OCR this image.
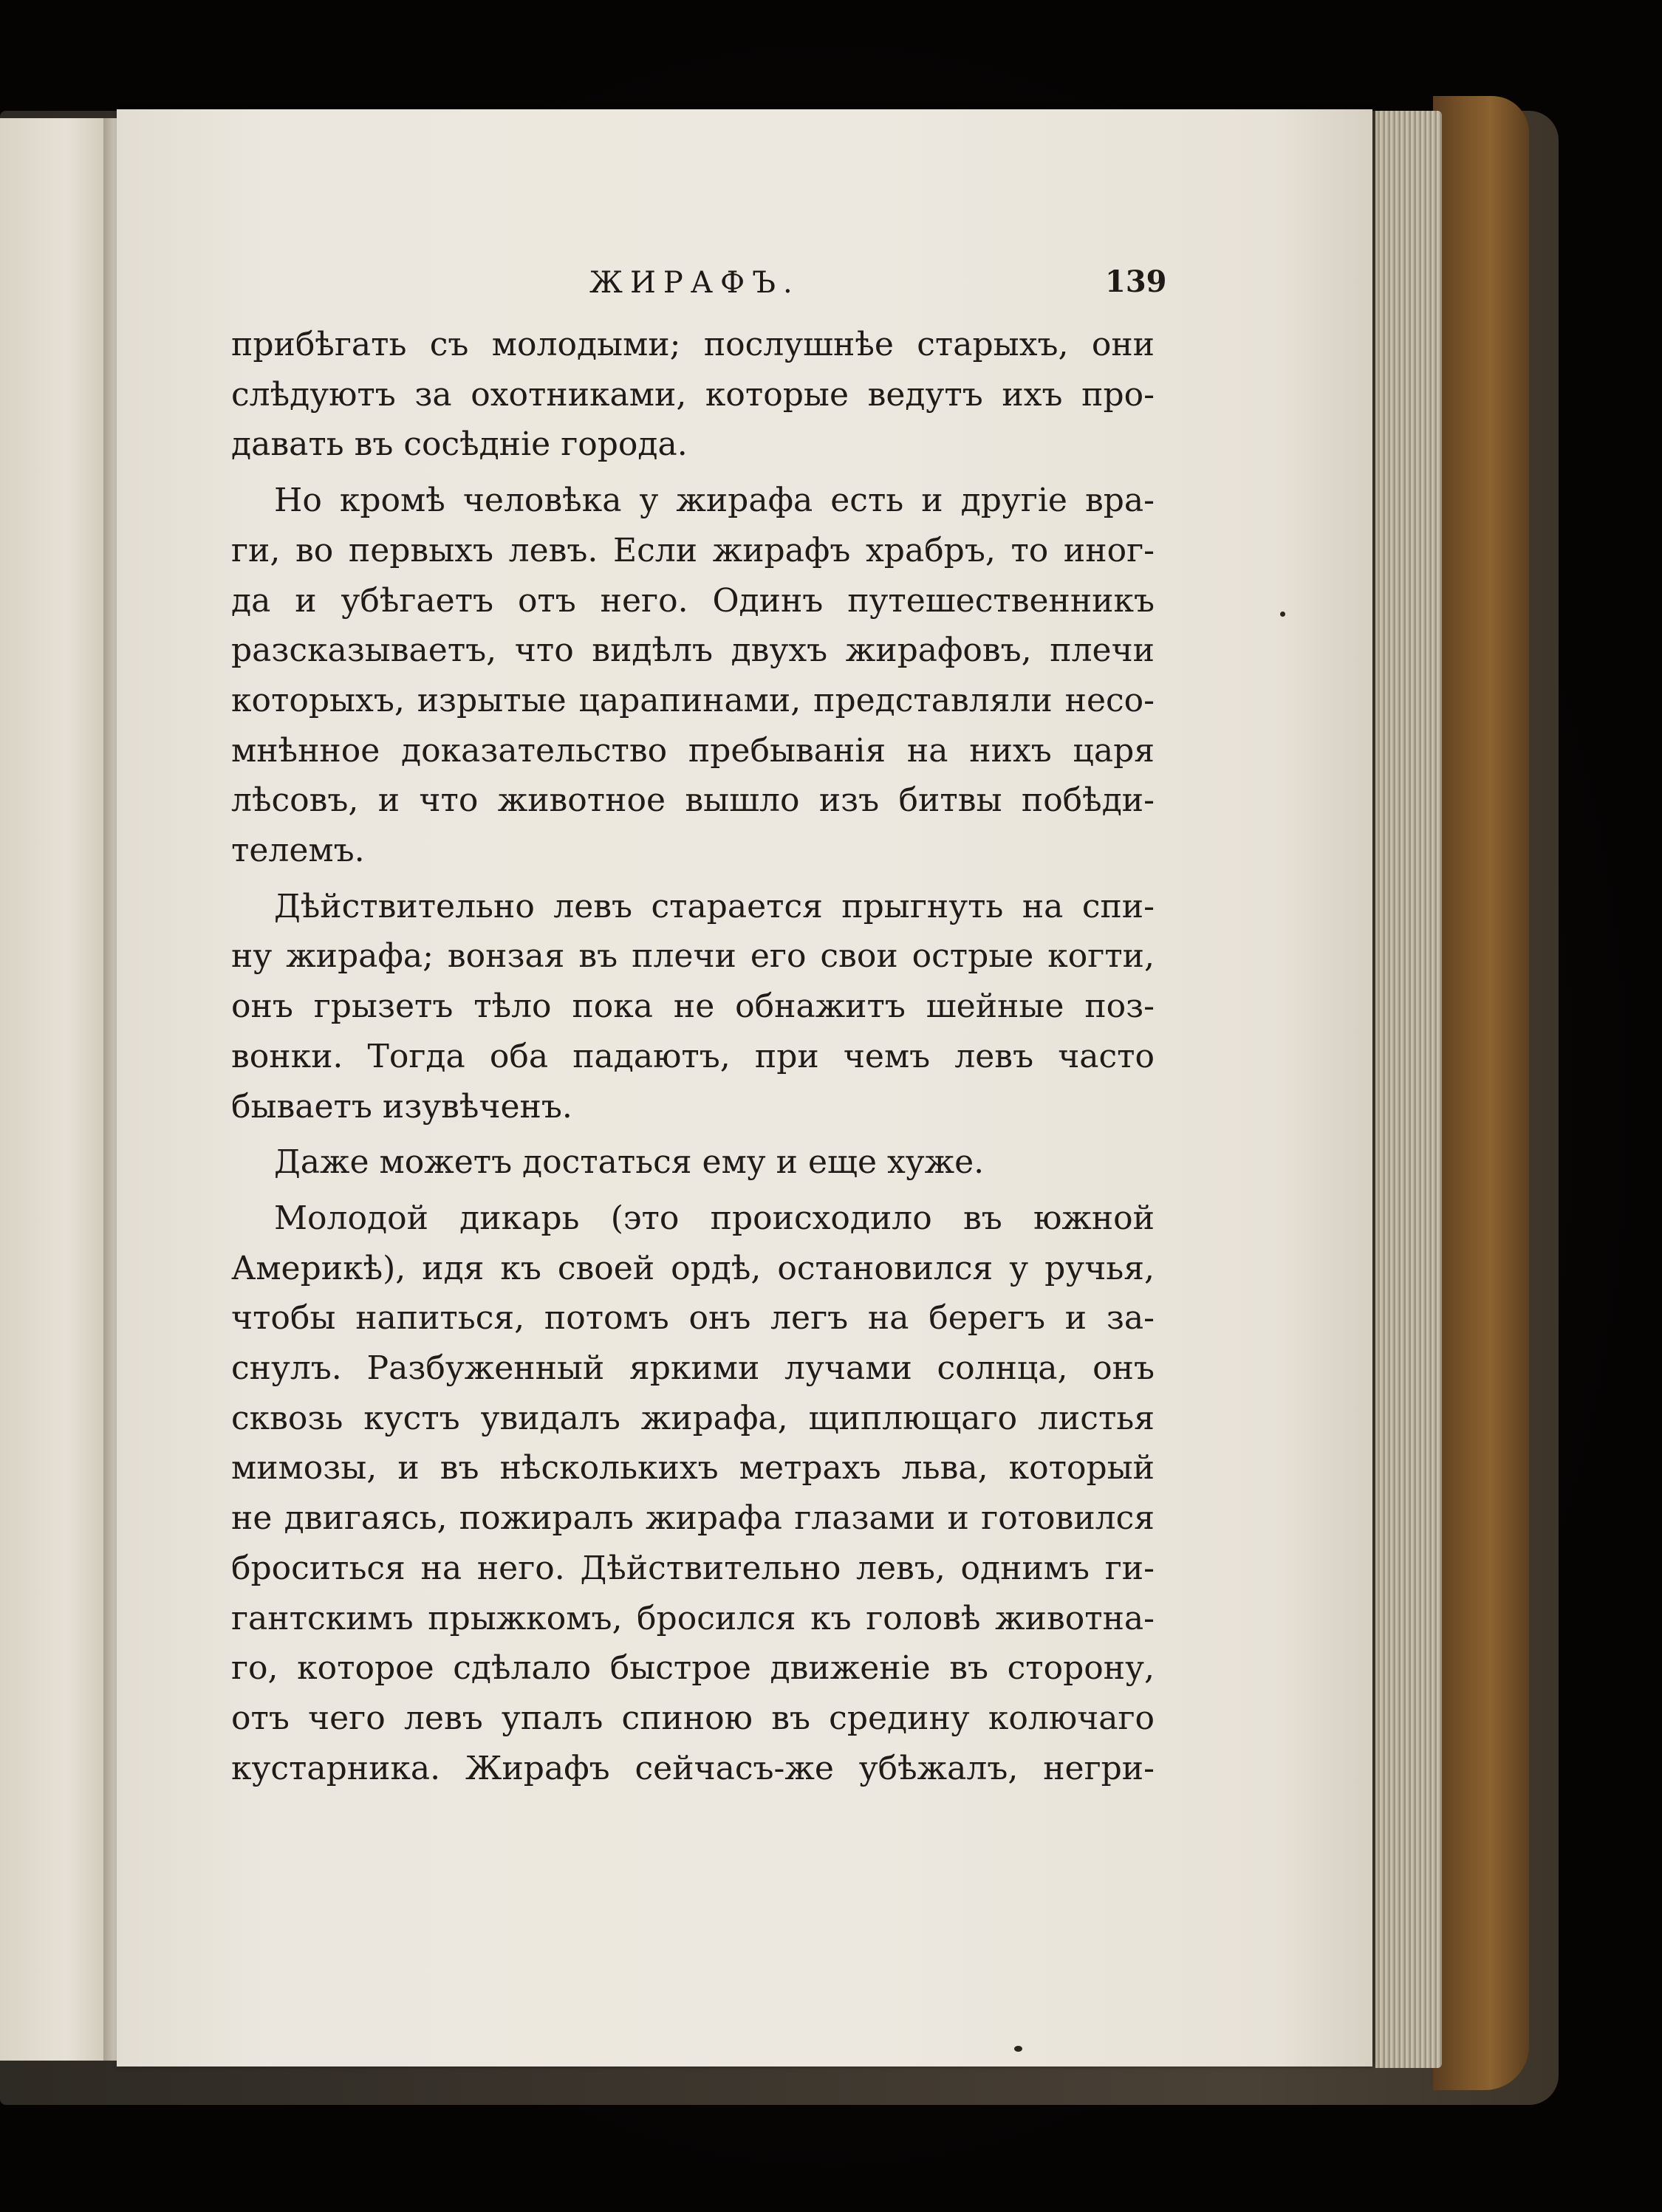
ЖИРАФЪ.	139
прибѣгать съ молодыми; послушнѣе старыхъ, они
слѣдуютъ за охотниками, которые ведутъ ихъ про-
давать въ сосѣдніе города.
Но кромѣ человѣка у жирафа есть и другіе вра-
ги, во первыхъ левъ. Если жирафъ храбръ, то иног-
да и убѣгаетъ отъ него. Одинъ путешественникъ
разсказываетъ, что видѣлъ двухъ жирафовъ, плечи
которыхъ, изрытые царапинами, представляли несо-
мнѣнное доказательство пребыванія на нихъ царя
лѣсовъ, и что животное вышло изъ битвы побѣди-
телемъ.
Дѣйствительно левъ старается прыгнуть на спи-
ну жирафа; вонзая въ плечи его свои острые когти,
онъ грызетъ тѣло пока не обнажитъ шейные поз-
вонки. Тогда оба падаютъ, при чемъ левъ часто
бываетъ изувѣченъ.
Даже можетъ достаться ему и еще хуже.
Молодой дикарь (это происходило въ южной
Америкѣ), идя къ своей ордѣ, остановился у ручья,
чтобы напиться, потомъ онъ легъ на берегъ и за-
снулъ. Разбуженный яркими лучами солнца, онъ
сквозь кустъ увидалъ жирафа, щиплющаго листья
мимозы, и въ нѣсколькихъ метрахъ льва, который
не двигаясь, пожиралъ жирафа глазами и готовился
броситься на него. Дѣйствительно левъ, однимъ ги-
гантскимъ прыжкомъ, бросился къ головѣ животна-
го, которое сдѣлало быстрое движеніе въ сторону,
отъ чего левъ упалъ спиною въ средину колючаго
кустарника. Жирафъ сейчасъ-же убѣжалъ, негри-
